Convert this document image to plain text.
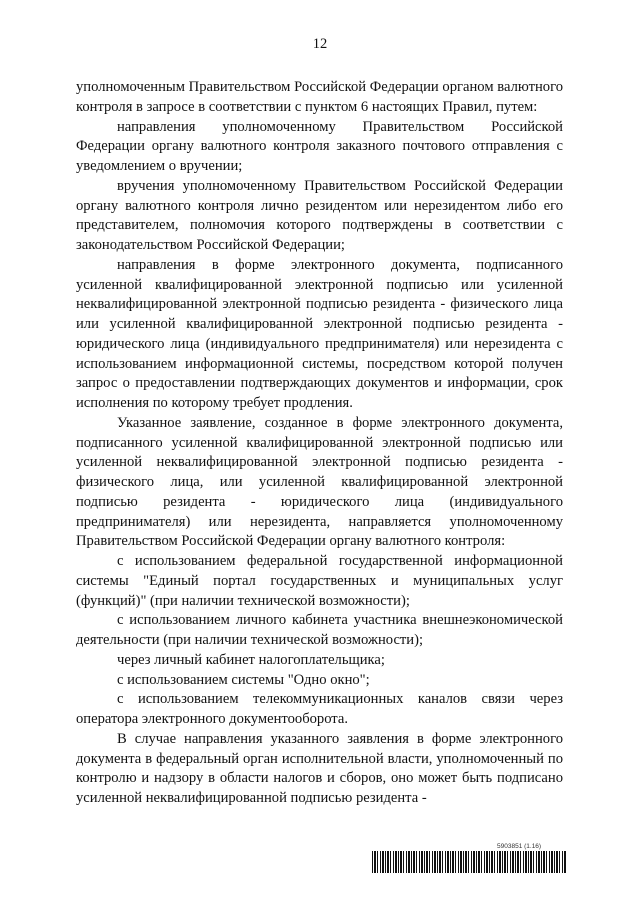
12

уполномоченным Правительством Российской Федерации органом валютного контроля в запросе в соответствии с пунктом 6 настоящих Правил, путем:

направления уполномоченному Правительством Российской Федерации органу валютного контроля заказного почтового отправления с уведомлением о вручении;

вручения уполномоченному Правительством Российской Федерации органу валютного контроля лично резидентом или нерезидентом либо его представителем, полномочия которого подтверждены в соответствии с законодательством Российской Федерации;

направления в форме электронного документа, подписанного усиленной квалифицированной электронной подписью или усиленной неквалифицированной электронной подписью резидента - физического лица или усиленной квалифицированной электронной подписью резидента - юридического лица (индивидуального предпринимателя) или нерезидента с использованием информационной системы, посредством которой получен запрос о предоставлении подтверждающих документов и информации, срок исполнения по которому требует продления.

Указанное заявление, созданное в форме электронного документа, подписанного усиленной квалифицированной электронной подписью или усиленной неквалифицированной электронной подписью резидента - физического лица, или усиленной квалифицированной электронной подписью резидента - юридического лица (индивидуального предпринимателя) или нерезидента, направляется уполномоченному Правительством Российской Федерации органу валютного контроля:

с использованием федеральной государственной информационной системы "Единый портал государственных и муниципальных услуг (функций)" (при наличии технической возможности);

с использованием личного кабинета участника внешнеэкономической деятельности (при наличии технической возможности);

через личный кабинет налогоплательщика;

с использованием системы "Одно окно";

с использованием телекоммуникационных каналов связи через оператора электронного документооборота.

В случае направления указанного заявления в форме электронного документа в федеральный орган исполнительной власти, уполномоченный по контролю и надзору в области налогов и сборов, оно может быть подписано усиленной неквалифицированной подписью резидента -

5903851 (1.16)
